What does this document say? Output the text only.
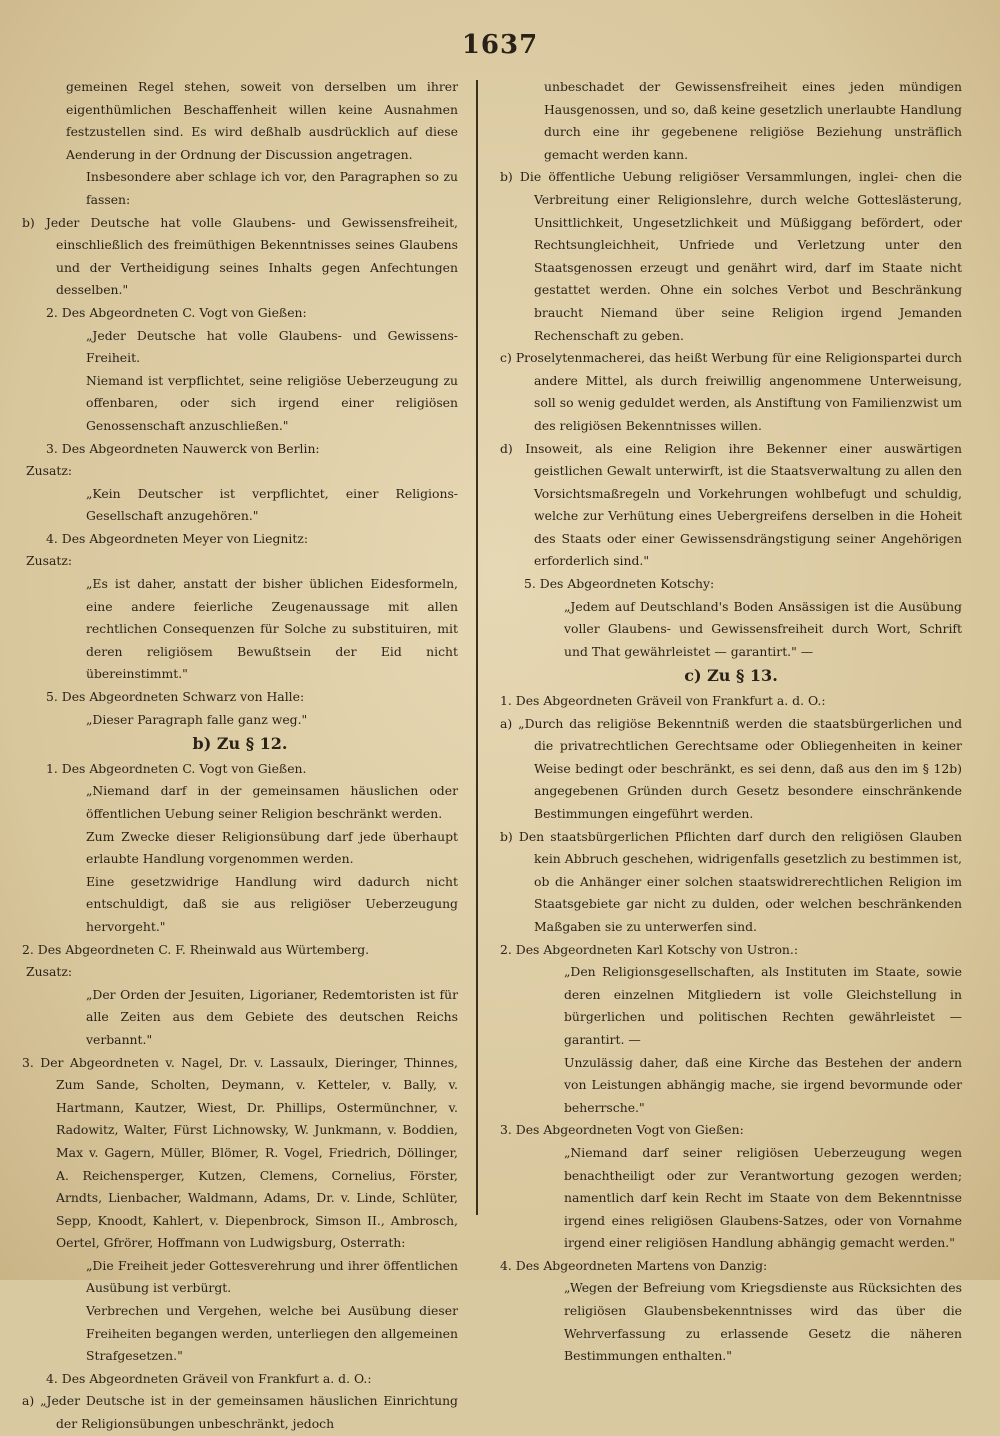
1637

gemeinen Regel stehen, soweit von derselben um ihrer eigenthümlichen Beschaffenheit willen keine Ausnahmen festzustellen sind. Es wird deßhalb ausdrücklich auf diese Aenderung in der Ordnung der Discussion angetragen.

Insbesondere aber schlage ich vor, den Paragraphen so zu fassen:

b) Jeder Deutsche hat volle Glaubens- und Gewissensfreiheit, einschließlich des freimüthigen Bekenntnisses seines Glaubens und der Vertheidigung seines Inhalts gegen Anfechtungen desselben."

2. Des Abgeordneten C. Vogt von Gießen:

„Jeder Deutsche hat volle Glaubens- und Gewissens-Freiheit.

Niemand ist verpflichtet, seine religiöse Ueberzeugung zu offenbaren, oder sich irgend einer religiösen Genossenschaft anzuschließen."

3. Des Abgeordneten Nauwerck von Berlin:

Zusatz:

„Kein Deutscher ist verpflichtet, einer Religions-Gesellschaft anzugehören."

4. Des Abgeordneten Meyer von Liegnitz:

Zusatz:

„Es ist daher, anstatt der bisher üblichen Eidesformeln, eine andere feierliche Zeugenaussage mit allen rechtlichen Consequenzen für Solche zu substituiren, mit deren religiösem Bewußtsein der Eid nicht übereinstimmt."

5. Des Abgeordneten Schwarz von Halle:

„Dieser Paragraph falle ganz weg."

b) Zu § 12.

1. Des Abgeordneten C. Vogt von Gießen.

„Niemand darf in der gemeinsamen häuslichen oder öffentlichen Uebung seiner Religion beschränkt werden.

Zum Zwecke dieser Religionsübung darf jede überhaupt erlaubte Handlung vorgenommen werden.

Eine gesetzwidrige Handlung wird dadurch nicht entschuldigt, daß sie aus religiöser Ueberzeugung hervorgeht."

2. Des Abgeordneten C. F. Rheinwald aus Würtemberg.

Zusatz:

„Der Orden der Jesuiten, Ligorianer, Redemtoristen ist für alle Zeiten aus dem Gebiete des deutschen Reichs verbannt."

3. Der Abgeordneten v. Nagel, Dr. v. Lassaulx, Dieringer, Thinnes, Zum Sande, Scholten, Deymann, v. Ketteler, v. Bally, v. Hartmann, Kautzer, Wiest, Dr. Phillips, Ostermünchner, v. Radowitz, Walter, Fürst Lichnowsky, W. Junkmann, v. Boddien, Max v. Gagern, Müller, Blömer, R. Vogel, Friedrich, Döllinger, A. Reichensperger, Kutzen, Clemens, Cornelius, Förster, Arndts, Lienbacher, Waldmann, Adams, Dr. v. Linde, Schlüter, Sepp, Knoodt, Kahlert, v. Diepenbrock, Simson II., Ambrosch, Oertel, Gfrörer, Hoffmann von Ludwigsburg, Osterrath:

„Die Freiheit jeder Gottesverehrung und ihrer öffentlichen Ausübung ist verbürgt.

Verbrechen und Vergehen, welche bei Ausübung dieser Freiheiten begangen werden, unterliegen den allgemeinen Strafgesetzen."

4. Des Abgeordneten Gräveil von Frankfurt a. d. O.:

a) „Jeder Deutsche ist in der gemeinsamen häuslichen Einrichtung der Religionsübungen unbeschränkt, jedoch

unbeschadet der Gewissensfreiheit eines jeden mündigen Hausgenossen, und so, daß keine gesetzlich unerlaubte Handlung durch eine ihr gegebenene religiöse Beziehung unsträflich gemacht werden kann.

b) Die öffentliche Uebung religiöser Versammlungen, inglei- chen die Verbreitung einer Religionslehre, durch welche Gotteslästerung, Unsittlichkeit, Ungesetzlichkeit und Müßiggang befördert, oder Rechtsungleichheit, Unfriede und Verletzung unter den Staatsgenossen erzeugt und genährt wird, darf im Staate nicht gestattet werden. Ohne ein solches Verbot und Beschränkung braucht Niemand über seine Religion irgend Jemanden Rechenschaft zu geben.

c) Proselytenmacherei, das heißt Werbung für eine Religionspartei durch andere Mittel, als durch freiwillig angenommene Unterweisung, soll so wenig geduldet werden, als Anstiftung von Familienzwist um des religiösen Bekenntnisses willen.

d) Insoweit, als eine Religion ihre Bekenner einer auswärtigen geistlichen Gewalt unterwirft, ist die Staatsverwaltung zu allen den Vorsichtsmaßregeln und Vorkehrungen wohlbefugt und schuldig, welche zur Verhütung eines Uebergreifens derselben in die Hoheit des Staats oder einer Gewissensdrängstigung seiner Angehörigen erforderlich sind."

5. Des Abgeordneten Kotschy:

„Jedem auf Deutschland's Boden Ansässigen ist die Ausübung voller Glaubens- und Gewissensfreiheit durch Wort, Schrift und That gewährleistet — garantirt." —

c) Zu § 13.

1. Des Abgeordneten Gräveil von Frankfurt a. d. O.:

a) „Durch das religiöse Bekenntniß werden die staatsbürgerlichen und die privatrechtlichen Gerechtsame oder Obliegenheiten in keiner Weise bedingt oder beschränkt, es sei denn, daß aus den im § 12b) angegebenen Gründen durch Gesetz besondere einschränkende Bestimmungen eingeführt werden.

b) Den staatsbürgerlichen Pflichten darf durch den religiösen Glauben kein Abbruch geschehen, widrigenfalls gesetzlich zu bestimmen ist, ob die Anhänger einer solchen staatswidrerechtlichen Religion im Staatsgebiete gar nicht zu dulden, oder welchen beschränkenden Maßgaben sie zu unterwerfen sind.

2. Des Abgeordneten Karl Kotschy von Ustron.:

„Den Religionsgesellschaften, als Instituten im Staate, sowie deren einzelnen Mitgliedern ist volle Gleichstellung in bürgerlichen und politischen Rechten gewährleistet — garantirt. —

Unzulässig daher, daß eine Kirche das Bestehen der andern von Leistungen abhängig mache, sie irgend bevormunde oder beherrsche."

3. Des Abgeordneten Vogt von Gießen:

„Niemand darf seiner religiösen Ueberzeugung wegen benachtheiligt oder zur Verantwortung gezogen werden; namentlich darf kein Recht im Staate von dem Bekenntnisse irgend eines religiösen Glaubens-Satzes, oder von Vornahme irgend einer religiösen Handlung abhängig gemacht werden."

4. Des Abgeordneten Martens von Danzig:

„Wegen der Befreiung vom Kriegsdienste aus Rücksichten des religiösen Glaubensbekenntnisses wird das über die Wehrverfassung zu erlassende Gesetz die näheren Bestimmungen enthalten."
